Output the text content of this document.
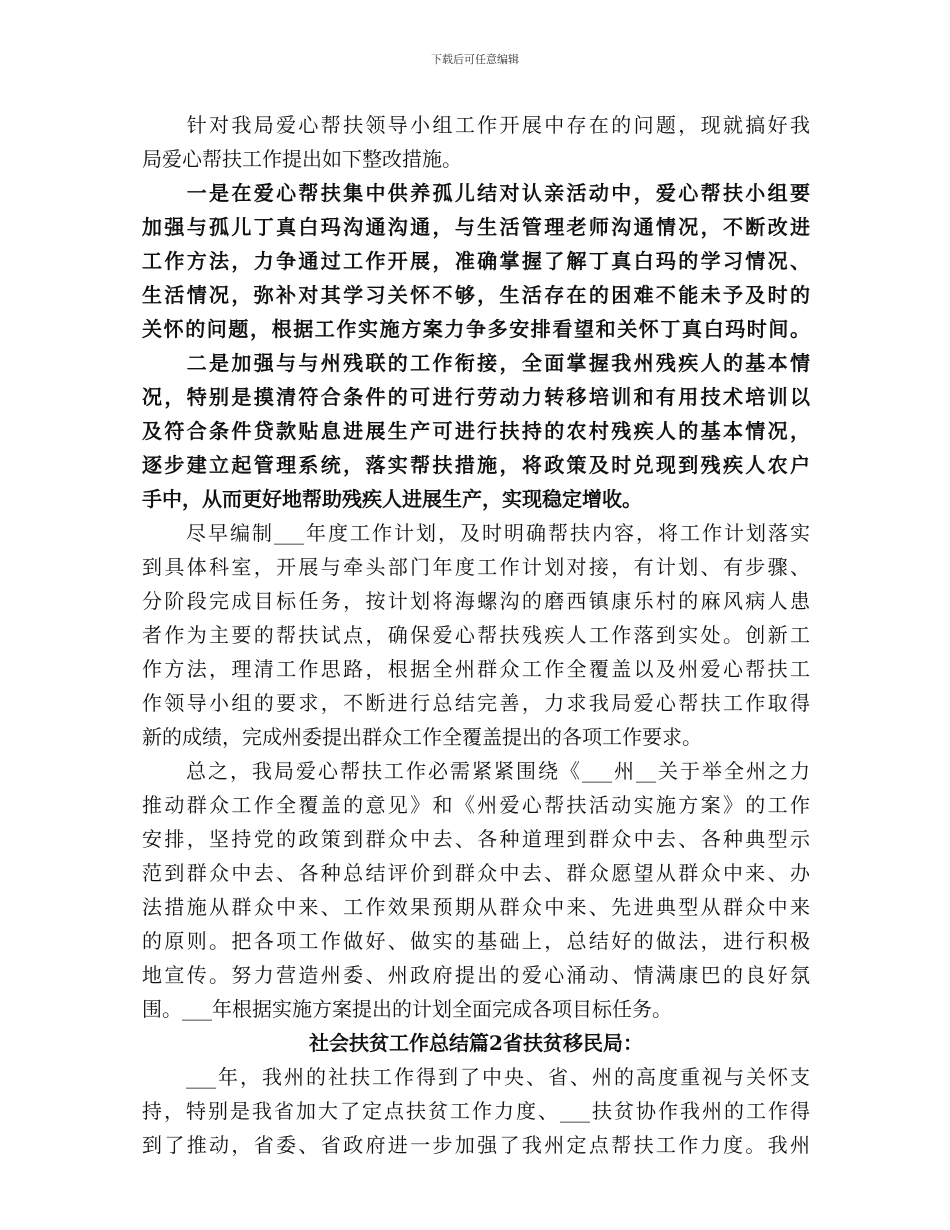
下载后可任意编辑
　　针对我局爱心帮扶领导小组工作开展中存在的问题，现就搞好我
局爱心帮扶工作提出如下整改措施。
　　一是在爱心帮扶集中供养孤儿结对认亲活动中，爱心帮扶小组要
加强与孤儿丁真白玛沟通沟通，与生活管理老师沟通情况，不断改进
工作方法，力争通过工作开展，准确掌握了解丁真白玛的学习情况、
生活情况，弥补对其学习关怀不够，生活存在的困难不能未予及时的
关怀的问题，根据工作实施方案力争多安排看望和关怀丁真白玛时间。
　　二是加强与与州残联的工作衔接，全面掌握我州残疾人的基本情
况，特别是摸清符合条件的可进行劳动力转移培训和有用技术培训以
及符合条件贷款贴息进展生产可进行扶持的农村残疾人的基本情况，
逐步建立起管理系统，落实帮扶措施，将政策及时兑现到残疾人农户
手中，从而更好地帮助残疾人进展生产，实现稳定增收。
　　尽早编制___年度工作计划，及时明确帮扶内容，将工作计划落实
到具体科室，开展与牵头部门年度工作计划对接，有计划、有步骤、
分阶段完成目标任务，按计划将海螺沟的磨西镇康乐村的麻风病人患
者作为主要的帮扶试点，确保爱心帮扶残疾人工作落到实处。创新工
作方法，理清工作思路，根据全州群众工作全覆盖以及州爱心帮扶工
作领导小组的要求，不断进行总结完善，力求我局爱心帮扶工作取得
新的成绩，完成州委提出群众工作全覆盖提出的各项工作要求。
　　总之，我局爱心帮扶工作必需紧紧围绕《___州__关于举全州之力
推动群众工作全覆盖的意见》和《州爱心帮扶活动实施方案》的工作
安排，坚持党的政策到群众中去、各种道理到群众中去、各种典型示
范到群众中去、各种总结评价到群众中去、群众愿望从群众中来、办
法措施从群众中来、工作效果预期从群众中来、先进典型从群众中来
的原则。把各项工作做好、做实的基础上，总结好的做法，进行积极
地宣传。努力营造州委、州政府提出的爱心涌动、情满康巴的良好氛
围。___年根据实施方案提出的计划全面完成各项目标任务。
社会扶贫工作总结篇2省扶贫移民局：
　　___年，我州的社扶工作得到了中央、省、州的高度重视与关怀支
持，特别是我省加大了定点扶贫工作力度、___扶贫协作我州的工作得
到了推动，省委、省政府进一步加强了我州定点帮扶工作力度。我州
